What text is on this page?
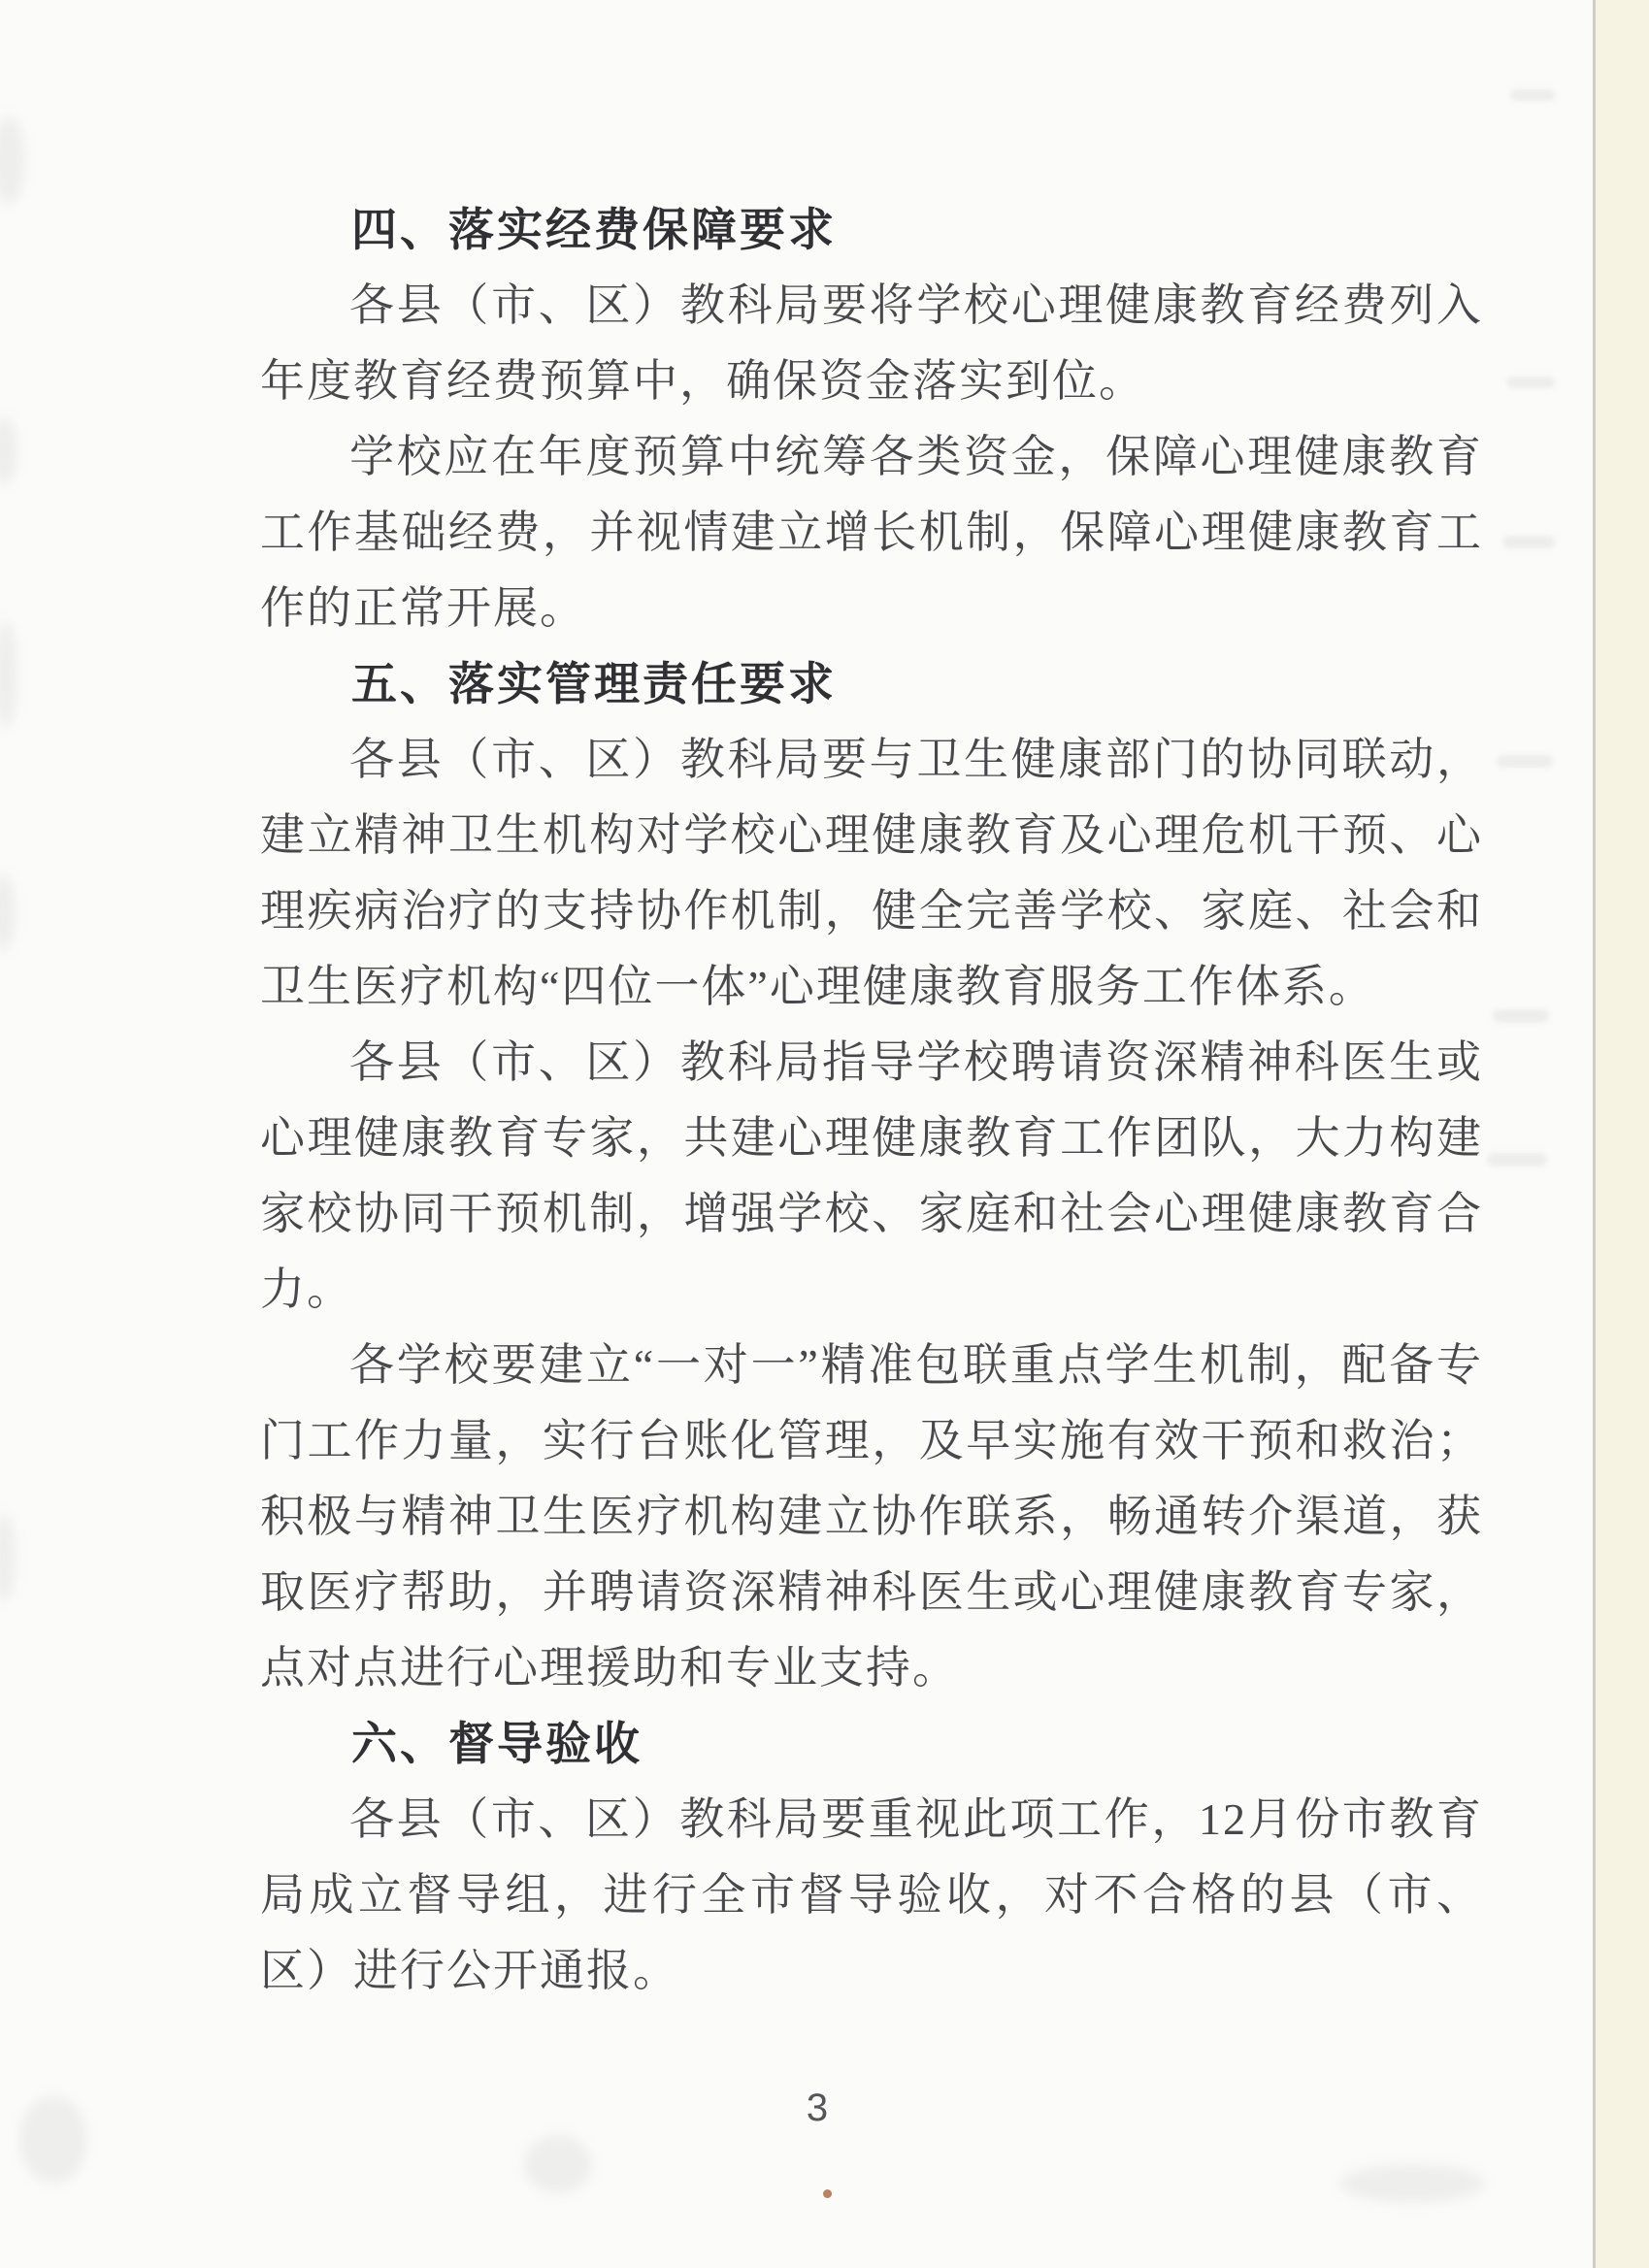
四、落实经费保障要求

各县（市、区）教科局要将学校心理健康教育经费列入年度教育经费预算中，确保资金落实到位。

学校应在年度预算中统筹各类资金，保障心理健康教育工作基础经费，并视情建立增长机制，保障心理健康教育工作的正常开展。

五、落实管理责任要求

各县（市、区）教科局要与卫生健康部门的协同联动，建立精神卫生机构对学校心理健康教育及心理危机干预、心理疾病治疗的支持协作机制，健全完善学校、家庭、社会和卫生医疗机构“四位一体”心理健康教育服务工作体系。

各县（市、区）教科局指导学校聘请资深精神科医生或心理健康教育专家，共建心理健康教育工作团队，大力构建家校协同干预机制，增强学校、家庭和社会心理健康教育合力。

各学校要建立“一对一”精准包联重点学生机制，配备专门工作力量，实行台账化管理，及早实施有效干预和救治；积极与精神卫生医疗机构建立协作联系，畅通转介渠道，获取医疗帮助，并聘请资深精神科医生或心理健康教育专家，点对点进行心理援助和专业支持。

六、督导验收

各县（市、区）教科局要重视此项工作，12月份市教育局成立督导组，进行全市督导验收，对不合格的县（市、区）进行公开通报。

3
